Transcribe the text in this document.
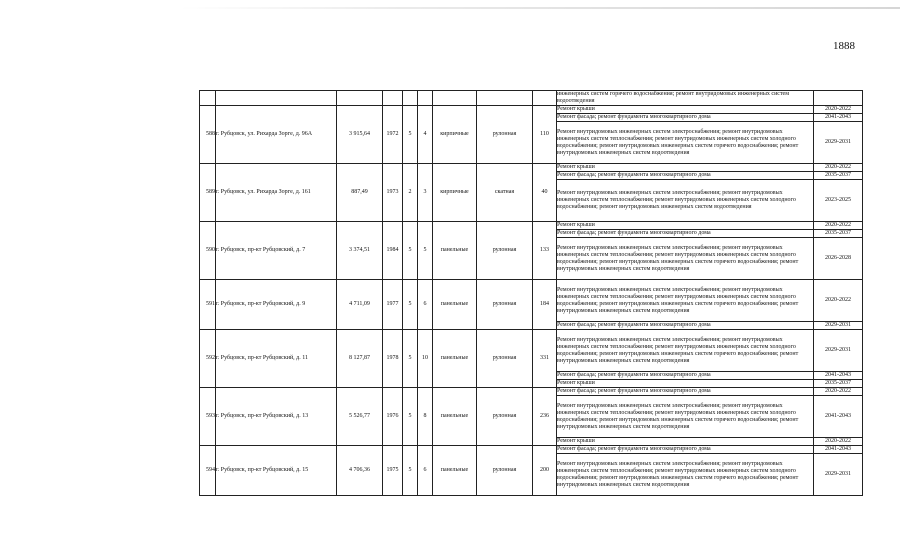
1888
									инженерных систем горячего водоснабжения; ремонт внутридомовых инженерных систем водоотведения	
588	г. Рубцовск, ул. Рихарда Зорге, д. 96А	3 915,64	1972	5	4	кирпичные	рулонная	110	Ремонт крыши	2020-2022
									Ремонт фасада; ремонт фундамента многоквартирного дома	2041-2043
									Ремонт внутридомовых инженерных систем электроснабжения; ремонт внутридомовых инженерных систем теплоснабжения; ремонт внутридомовых инженерных систем холодного водоснабжения; ремонт внутридомовых инженерных систем горячего водоснабжения; ремонт внутридомовых инженерных систем водоотведения	2029-2031
589	г. Рубцовск, ул. Рихарда Зорге, д. 161	887,49	1973	2	3	кирпичные	скатная	40	Ремонт крыши	2020-2022
									Ремонт фасада; ремонт фундамента многоквартирного дома	2035-2037
									Ремонт внутридомовых инженерных систем электроснабжения; ремонт внутридомовых инженерных систем теплоснабжения; ремонт внутридомовых инженерных систем холодного водоснабжения; ремонт внутридомовых инженерных систем водоотведения	2023-2025
590	г. Рубцовск, пр-кт Рубцовский, д. 7	3 374,51	1984	5	5	панельные	рулонная	133	Ремонт крыши	2020-2022
									Ремонт фасада; ремонт фундамента многоквартирного дома	2035-2037
									Ремонт внутридомовых инженерных систем электроснабжения; ремонт внутридомовых инженерных систем теплоснабжения; ремонт внутридомовых инженерных систем холодного водоснабжения; ремонт внутридомовых инженерных систем горячего водоснабжения; ремонт внутридомовых инженерных систем водоотведения	2026-2028
591	г. Рубцовск, пр-кт Рубцовский, д. 9	4 711,09	1977	5	6	панельные	рулонная	184	Ремонт внутридомовых инженерных систем электроснабжения; ремонт внутридомовых инженерных систем теплоснабжения; ремонт внутридомовых инженерных систем холодного водоснабжения; ремонт внутридомовых инженерных систем горячего водоснабжения; ремонт внутридомовых инженерных систем водоотведения	2020-2022
									Ремонт фасада; ремонт фундамента многоквартирного дома	2029-2031
592	г. Рубцовск, пр-кт Рубцовский, д. 11	8 127,87	1978	5	10	панельные	рулонная	331	Ремонт внутридомовых инженерных систем электроснабжения; ремонт внутридомовых инженерных систем теплоснабжения; ремонт внутридомовых инженерных систем холодного водоснабжения; ремонт внутридомовых инженерных систем горячего водоснабжения; ремонт внутридомовых инженерных систем водоотведения	2029-2031
									Ремонт фасада; ремонт фундамента многоквартирного дома	2041-2043
									Ремонт крыши	2035-2037
593	г. Рубцовск, пр-кт Рубцовский, д. 13	5 526,77	1976	5	8	панельные	рулонная	236	Ремонт фасада; ремонт фундамента многоквартирного дома	2020-2022
									Ремонт внутридомовых инженерных систем электроснабжения; ремонт внутридомовых инженерных систем теплоснабжения; ремонт внутридомовых инженерных систем холодного водоснабжения; ремонт внутридомовых инженерных систем горячего водоснабжения; ремонт внутридомовых инженерных систем водоотведения	2041-2043
									Ремонт крыши	2020-2022
594	г. Рубцовск, пр-кт Рубцовский, д. 15	4 706,36	1975	5	6	панельные	рулонная	200	Ремонт фасада; ремонт фундамента многоквартирного дома	2041-2043
									Ремонт внутридомовых инженерных систем электроснабжения; ремонт внутридомовых инженерных систем теплоснабжения; ремонт внутридомовых инженерных систем холодного водоснабжения; ремонт внутридомовых инженерных систем горячего водоснабжения; ремонт внутридомовых инженерных систем водоотведения	2029-2031
